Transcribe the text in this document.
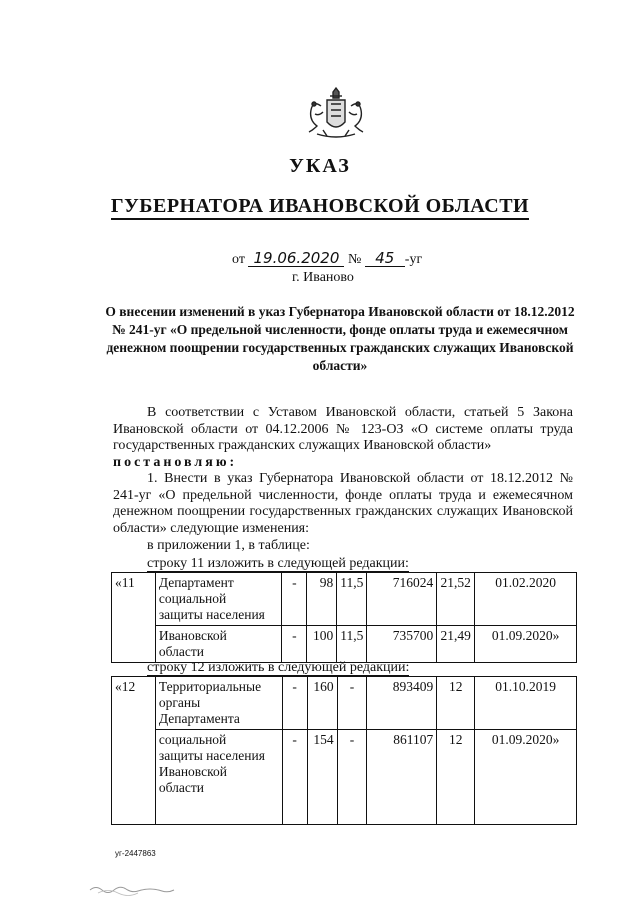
УКАЗ
ГУБЕРНАТОРА ИВАНОВСКОЙ ОБЛАСТИ
от 19.06.2020 № 45 -уг
г. Иваново
О внесении изменений в указ Губернатора Ивановской области от 18.12.2012 № 241-уг «О предельной численности, фонде оплаты труда и ежемесячном денежном поощрении государственных гражданских служащих Ивановской области»

В соответствии с Уставом Ивановской области, статьей 5 Закона Ивановской области от 04.12.2006 № 123-ОЗ «О системе оплаты труда государственных гражданских служащих Ивановской области»

постановляю:

1. Внести в указ Губернатора Ивановской области от 18.12.2012 № 241-уг «О предельной численности, фонде оплаты труда и ежемесячном денежном поощрении государственных гражданских служащих Ивановской области» следующие изменения:

в приложении 1, в таблице:
строку 11 изложить в следующей редакции:
«11	Департамент
социальной
защиты населения	-	98	11,5	716024	21,52	01.02.2020

	Ивановской
области	-	100	11,5	735700	21,49	01.09.2020»
строку 12 изложить в следующей редакции:
«12	Территориальные
органы
Департамента	-	160	-	893409	12	01.10.2019

	социальной
защиты населения
Ивановской
области	-	154	-	861107	12	01.09.2020»
уг-2447863
